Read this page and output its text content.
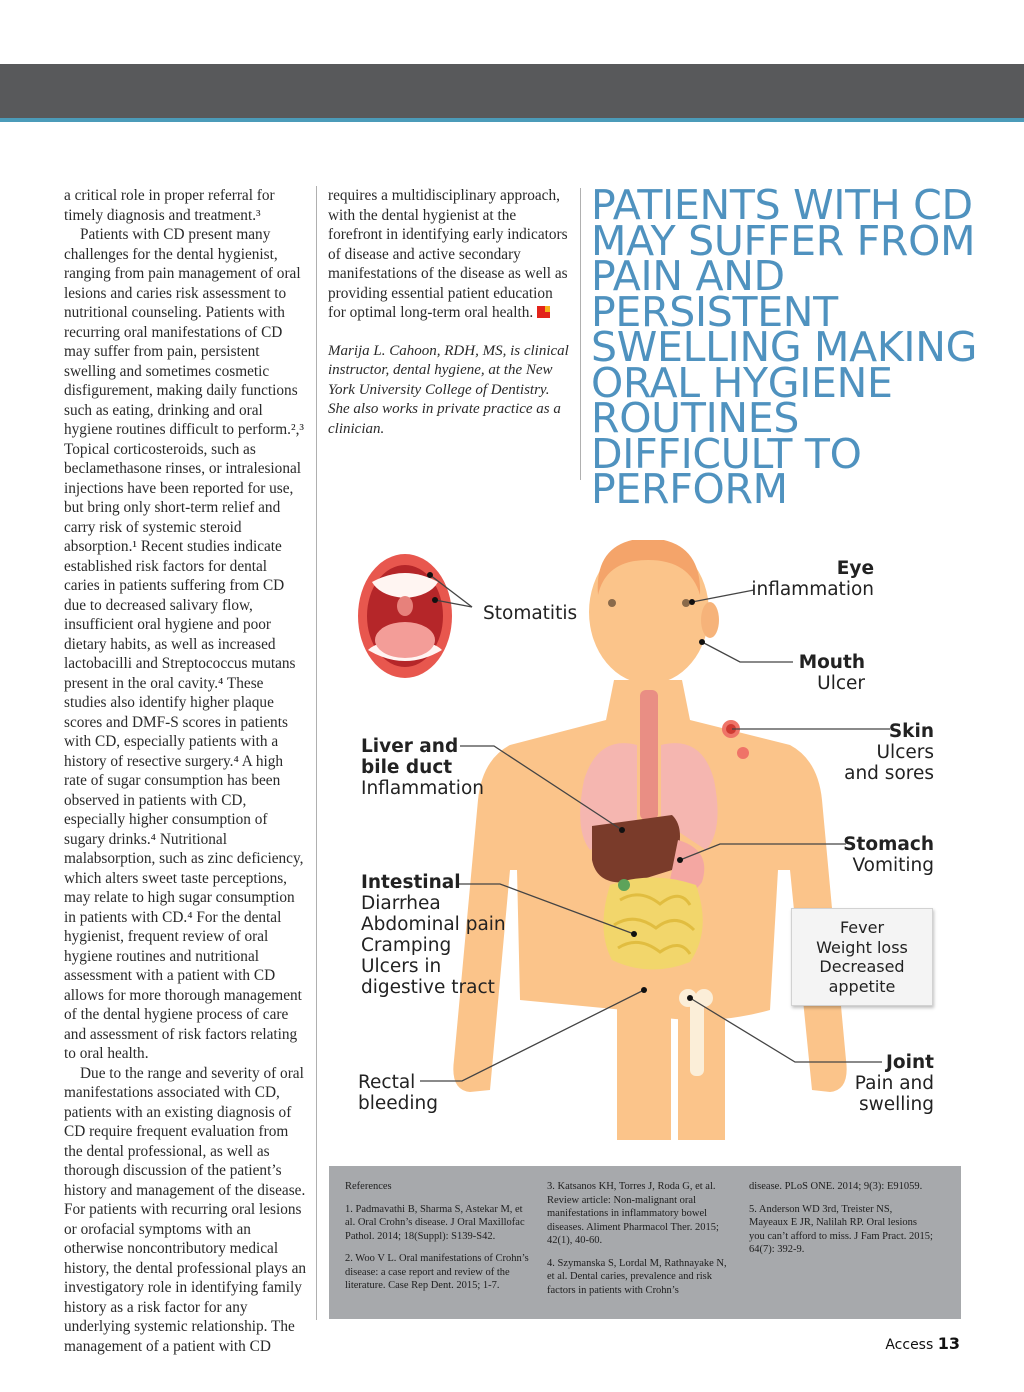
a critical role in proper referral for timely diagnosis and treatment.³

Patients with CD present many challenges for the dental hygienist, ranging from pain management of oral lesions and caries risk assessment to nutritional counseling. Patients with recurring oral manifestations of CD may suffer from pain, persistent swelling and sometimes cosmetic disfigurement, making daily functions such as eating, drinking and oral hygiene routines difficult to perform.²,³ Topical corticosteroids, such as beclamethasone rinses, or intralesional injections have been reported for use, but bring only short-term relief and carry risk of systemic steroid absorption.¹ Recent studies indicate established risk factors for dental caries in patients suffering from CD due to decreased salivary flow, insufficient oral hygiene and poor dietary habits, as well as increased lactobacilli and Streptococcus mutans present in the oral cavity.⁴ These studies also identify higher plaque scores and DMF-S scores in patients with CD, especially patients with a history of resective surgery.⁴ A high rate of sugar consumption has been observed in patients with CD, especially higher consumption of sugary drinks.⁴ Nutritional malabsorption, such as zinc deficiency, which alters sweet taste perceptions, may relate to high sugar consumption in patients with CD.⁴ For the dental hygienist, frequent review of oral hygiene routines and nutritional assessment with a patient with CD allows for more thorough management of the dental hygiene process of care and assessment of risk factors relating to oral health.

Due to the range and severity of oral manifestations associated with CD, patients with an existing diagnosis of CD require frequent evaluation from the dental professional, as well as thorough discussion of the patient’s history and management of the disease. For patients with recurring oral lesions or orofacial symptoms with an otherwise noncontributory medical history, the dental professional plays an investigatory role in identifying family history as a risk factor for any underlying systemic relationship. The management of a patient with CD

requires a multidisciplinary approach, with the dental hygienist at the forefront in identifying early indicators of disease and active secondary manifestations of the disease as well as providing essential patient education for optimal long-term oral health.

Marija L. Cahoon, RDH, MS, is clinical instructor, dental hygiene, at the New York University College of Dentistry. She also works in private practice as a clinician.

PATIENTS WITH CD MAY SUFFER FROM PAIN AND PERSISTENT SWELLING MAKING ORAL HYGIENE ROUTINES DIFFICULT TO PERFORM
Stomatitis
Eye
inflammation
Mouth
Ulcer
Skin
Ulcers
and sores
Liver and
bile duct
Inflammation
Stomach
Vomiting
Intestinal
Diarrhea
Abdominal pain
Cramping
Ulcers in
digestive tract
Fever
Weight loss
Decreased
appetite
Joint
Pain and
swelling
Rectal
bleeding

References

1. Padmavathi B, Sharma S, Astekar M, et al. Oral Crohn’s disease. J Oral Maxillofac Pathol. 2014; 18(Suppl): S139-S42.

2. Woo V L. Oral manifestations of Crohn’s disease: a case report and review of the literature. Case Rep Dent. 2015; 1-7.

3. Katsanos KH, Torres J, Roda G, et al. Review article: Non-malignant oral manifestations in inflammatory bowel diseases. Aliment Pharmacol Ther. 2015; 42(1), 40-60.

4. Szymanska S, Lordal M, Rathnayake N, et al. Dental caries, prevalence and risk factors in patients with Crohn’s

disease. PLoS ONE. 2014; 9(3): E91059.

5. Anderson WD 3rd, Treister NS, Mayeaux E JR, Nalilah RP. Oral lesions you can’t afford to miss. J Fam Pract. 2015; 64(7): 392-9.

Access 13
